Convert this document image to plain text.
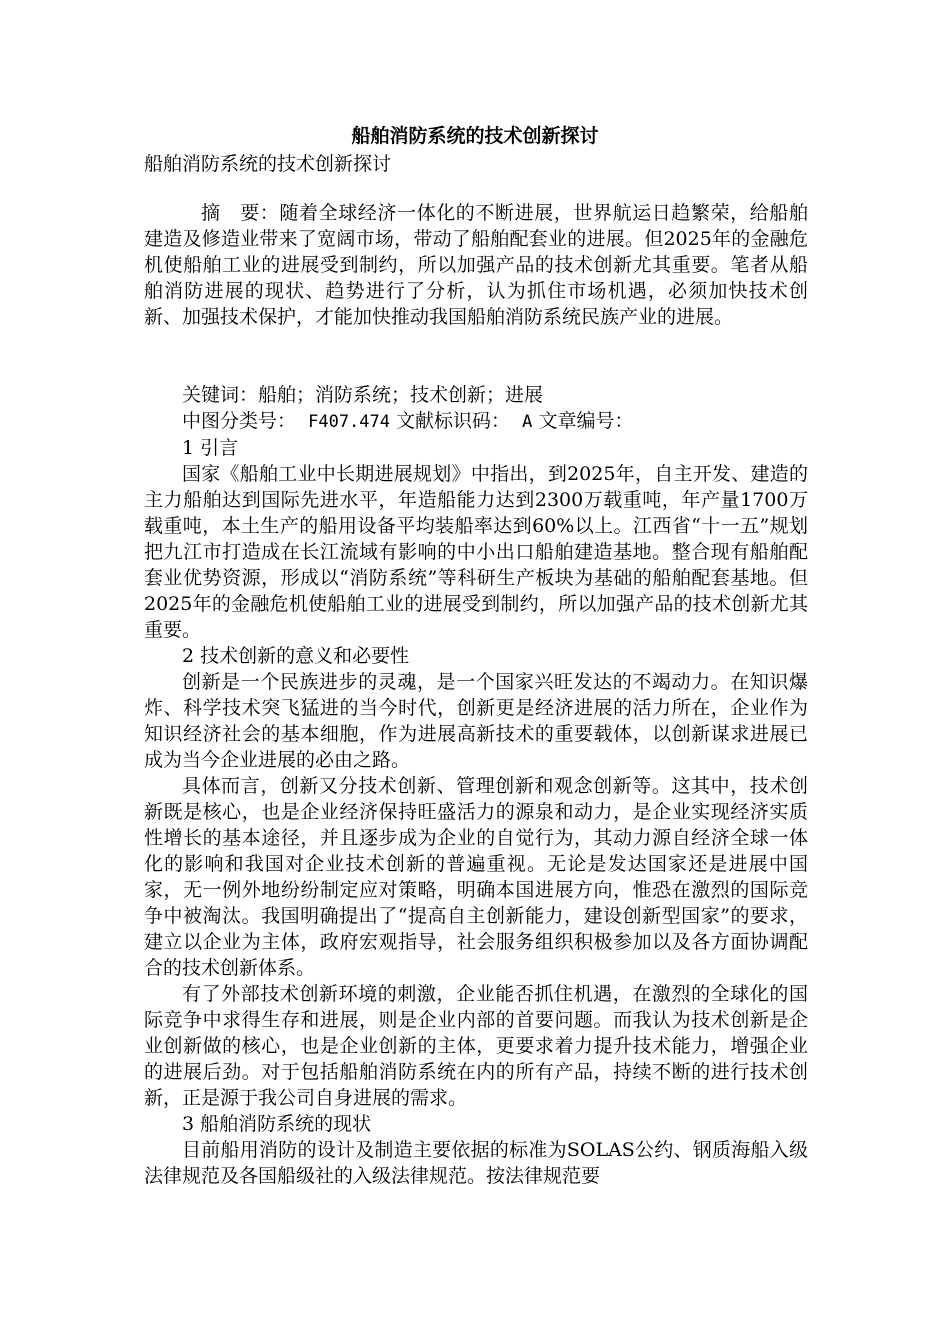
船舶消防系统的技术创新探讨
船舶消防系统的技术创新探讨

摘　要：随着全球经济一体化的不断进展，世界航运日趋繁荣，给船舶建造及修造业带来了宽阔市场，带动了船舶配套业的进展。但2025年的金融危机使船舶工业的进展受到制约，所以加强产品的技术创新尤其重要。笔者从船舶消防进展的现状、趋势进行了分析，认为抓住市场机遇，必须加快技术创新、加强技术保护，才能加快推动我国船舶消防系统民族产业的进展。

关键词：船舶；消防系统；技术创新；进展
中图分类号： F407.474 文献标识码： A 文章编号：
1 引言

国家《船舶工业中长期进展规划》中指出，到2025年，自主开发、建造的主力船舶达到国际先进水平，年造船能力达到2300万载重吨，年产量1700万载重吨，本土生产的船用设备平均装船率达到60%以上。江西省“十一五”规划把九江市打造成在长江流域有影响的中小出口船舶建造基地。整合现有船舶配套业优势资源，形成以“消防系统”等科研生产板块为基础的船舶配套基地。但2025年的金融危机使船舶工业的进展受到制约，所以加强产品的技术创新尤其重要。

2 技术创新的意义和必要性

创新是一个民族进步的灵魂，是一个国家兴旺发达的不竭动力。在知识爆炸、科学技术突飞猛进的当今时代，创新更是经济进展的活力所在，企业作为知识经济社会的基本细胞，作为进展高新技术的重要载体，以创新谋求进展已成为当今企业进展的必由之路。

具体而言，创新又分技术创新、管理创新和观念创新等。这其中，技术创新既是核心，也是企业经济保持旺盛活力的源泉和动力，是企业实现经济实质性增长的基本途径，并且逐步成为企业的自觉行为，其动力源自经济全球一体化的影响和我国对企业技术创新的普遍重视。无论是发达国家还是进展中国家，无一例外地纷纷制定应对策略，明确本国进展方向，惟恐在激烈的国际竞争中被淘汰。我国明确提出了“提高自主创新能力，建设创新型国家”的要求，建立以企业为主体，政府宏观指导，社会服务组织积极参加以及各方面协调配合的技术创新体系。

有了外部技术创新环境的刺激，企业能否抓住机遇，在激烈的全球化的国际竞争中求得生存和进展，则是企业内部的首要问题。而我认为技术创新是企业创新做的核心，也是企业创新的主体，更要求着力提升技术能力，增强企业的进展后劲。对于包括船舶消防系统在内的所有产品，持续不断的进行技术创新，正是源于我公司自身进展的需求。

3 船舶消防系统的现状

目前船用消防的设计及制造主要依据的标准为SOLAS公约、钢质海船入级法律规范及各国船级社的入级法律规范。按法律规范要
